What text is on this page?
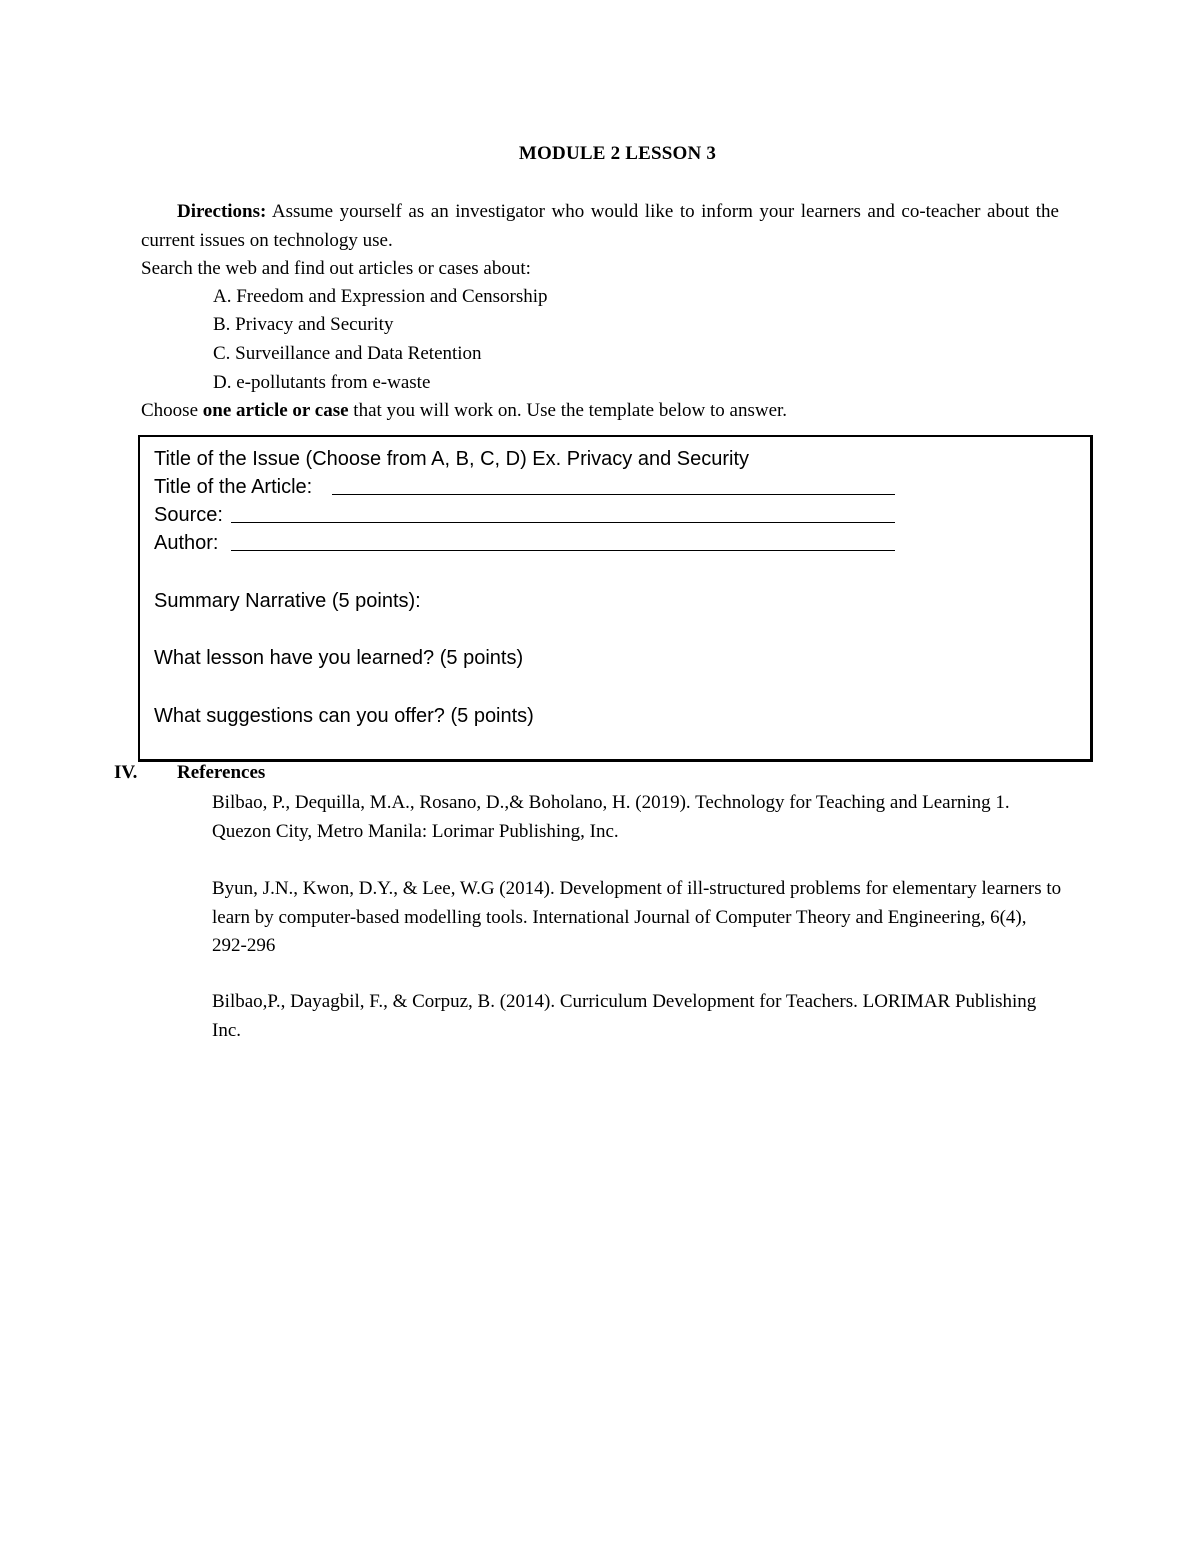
MODULE 2 LESSON 3
Directions: Assume yourself as an investigator who would like to inform your learners and co-teacher about the current issues on technology use.
Search the web and find out articles or cases about:
A. Freedom and Expression and Censorship
B. Privacy and Security
C. Surveillance and Data Retention
D. e-pollutants from e-waste
Choose one article or case that you will work on. Use the template below to answer.
Title of the Issue (Choose from A, B, C, D) Ex. Privacy and Security
Title of the Article:
Source:
Author:
Summary Narrative (5 points):
What lesson have you learned? (5 points)
What suggestions can you offer? (5 points)
IV. References
Bilbao, P., Dequilla, M.A., Rosano, D.,& Boholano, H. (2019). Technology for Teaching and Learning 1. Quezon City, Metro Manila: Lorimar Publishing, Inc.
Byun, J.N., Kwon, D.Y., & Lee, W.G (2014). Development of ill-structured problems for elementary learners to learn by computer-based modelling tools. International Journal of Computer Theory and Engineering, 6(4), 292-296
Bilbao,P., Dayagbil, F., & Corpuz, B. (2014). Curriculum Development for Teachers. LORIMAR Publishing Inc.
